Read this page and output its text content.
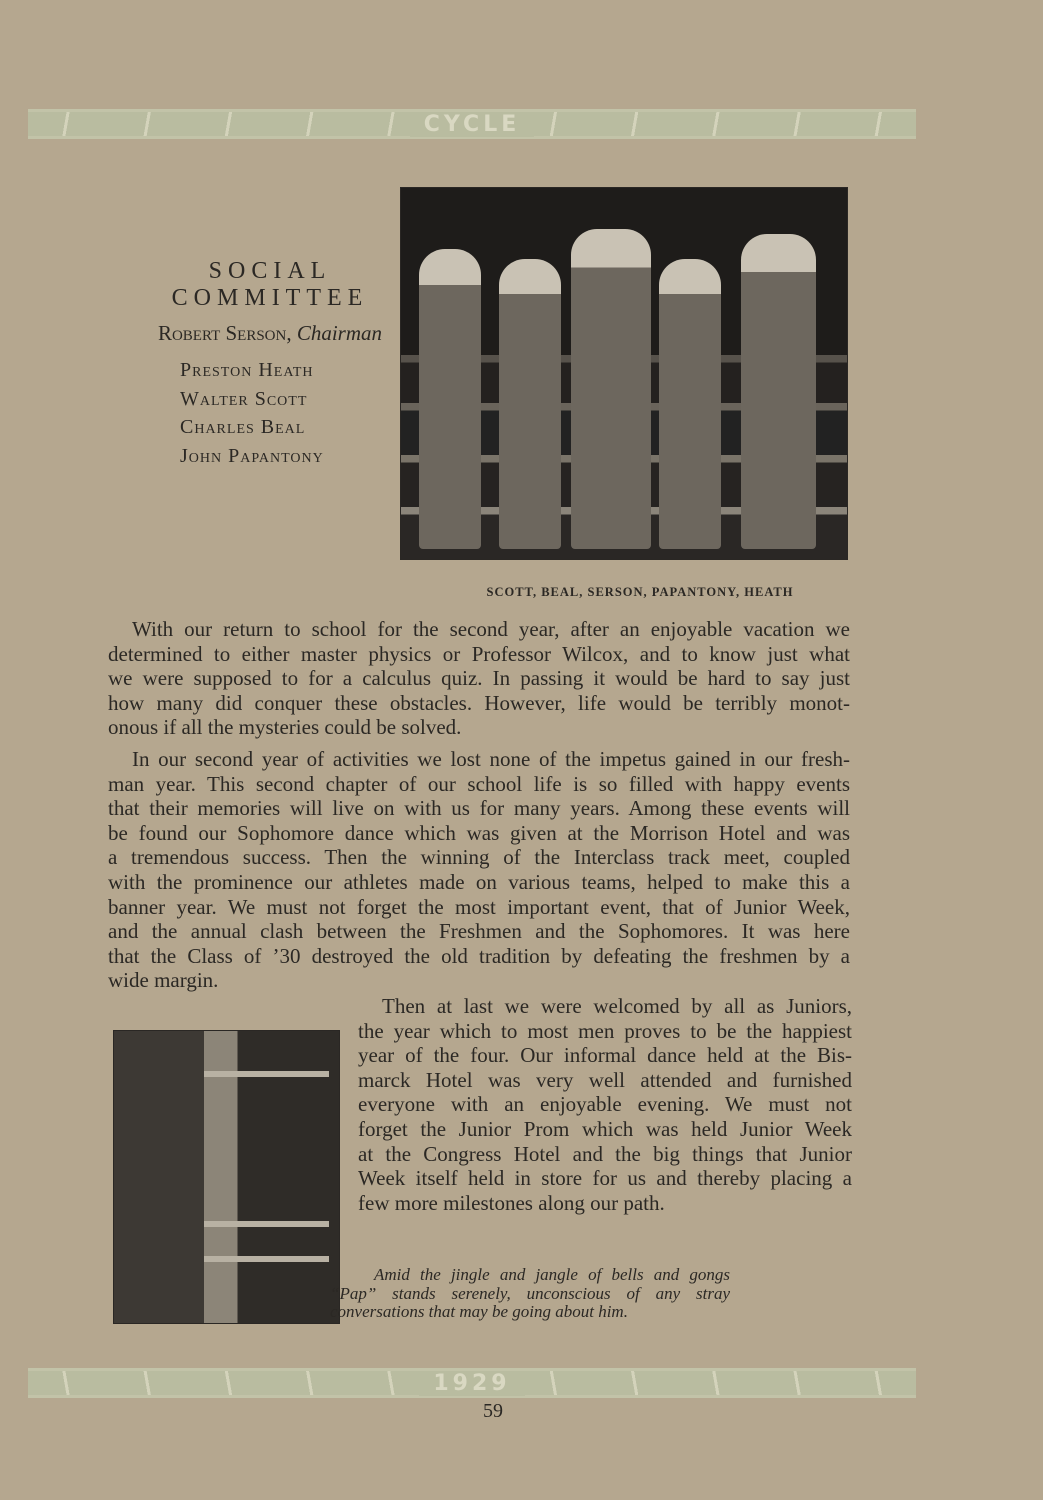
CYCLE
SOCIAL
COMMITTEE
Robert Serson, Chairman
Preston Heath
Walter Scott
Charles Beal
John Papantony
SCOTT, BEAL, SERSON, PAPANTONY, HEATH
With our return to school for the second year, after an enjoyable vacation we
determined to either master physics or Professor Wilcox, and to know just what
we were supposed to for a calculus quiz. In passing it would be hard to say just
how many did conquer these obstacles. However, life would be terribly monot-
onous if all the mysteries could be solved.
In our second year of activities we lost none of the impetus gained in our fresh-
man year. This second chapter of our school life is so filled with happy events
that their memories will live on with us for many years. Among these events will
be found our Sophomore dance which was given at the Morrison Hotel and was
a tremendous success. Then the winning of the Interclass track meet, coupled
with the prominence our athletes made on various teams, helped to make this a
banner year. We must not forget the most important event, that of Junior Week,
and the annual clash between the Freshmen and the Sophomores. It was here
that the Class of ’30 destroyed the old tradition by defeating the freshmen by a
wide margin.
Then at last we were welcomed by all as Juniors,
the year which to most men proves to be the happiest
year of the four. Our informal dance held at the Bis-
marck Hotel was very well attended and furnished
everyone with an enjoyable evening. We must not
forget the Junior Prom which was held Junior Week
at the Congress Hotel and the big things that Junior
Week itself held in store for us and thereby placing a
few more milestones along our path.
Amid the jingle and jangle of bells and gongs
“Pap” stands serenely, unconscious of any stray
conversations that may be going about him.
1929
59
